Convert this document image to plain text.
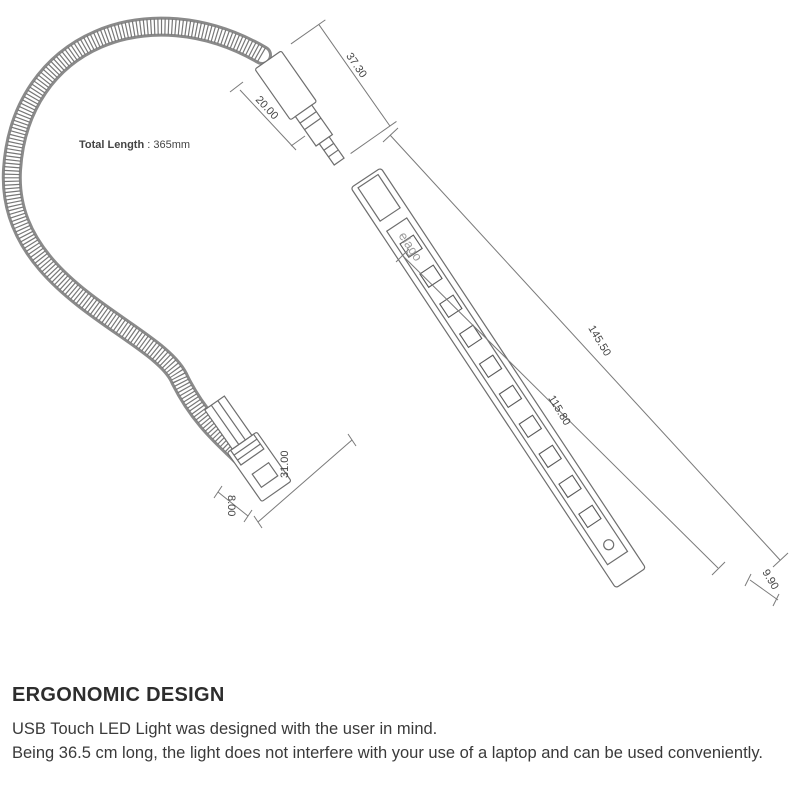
37.30
20.00
elago
145.50
115.80
9.90
31.00
8.00
Total Length : 365mm
ERGONOMIC DESIGN

USB Touch LED Light was designed with the user in mind.

Being 36.5 cm long, the light does not interfere with your use of a laptop and can be used conveniently.
